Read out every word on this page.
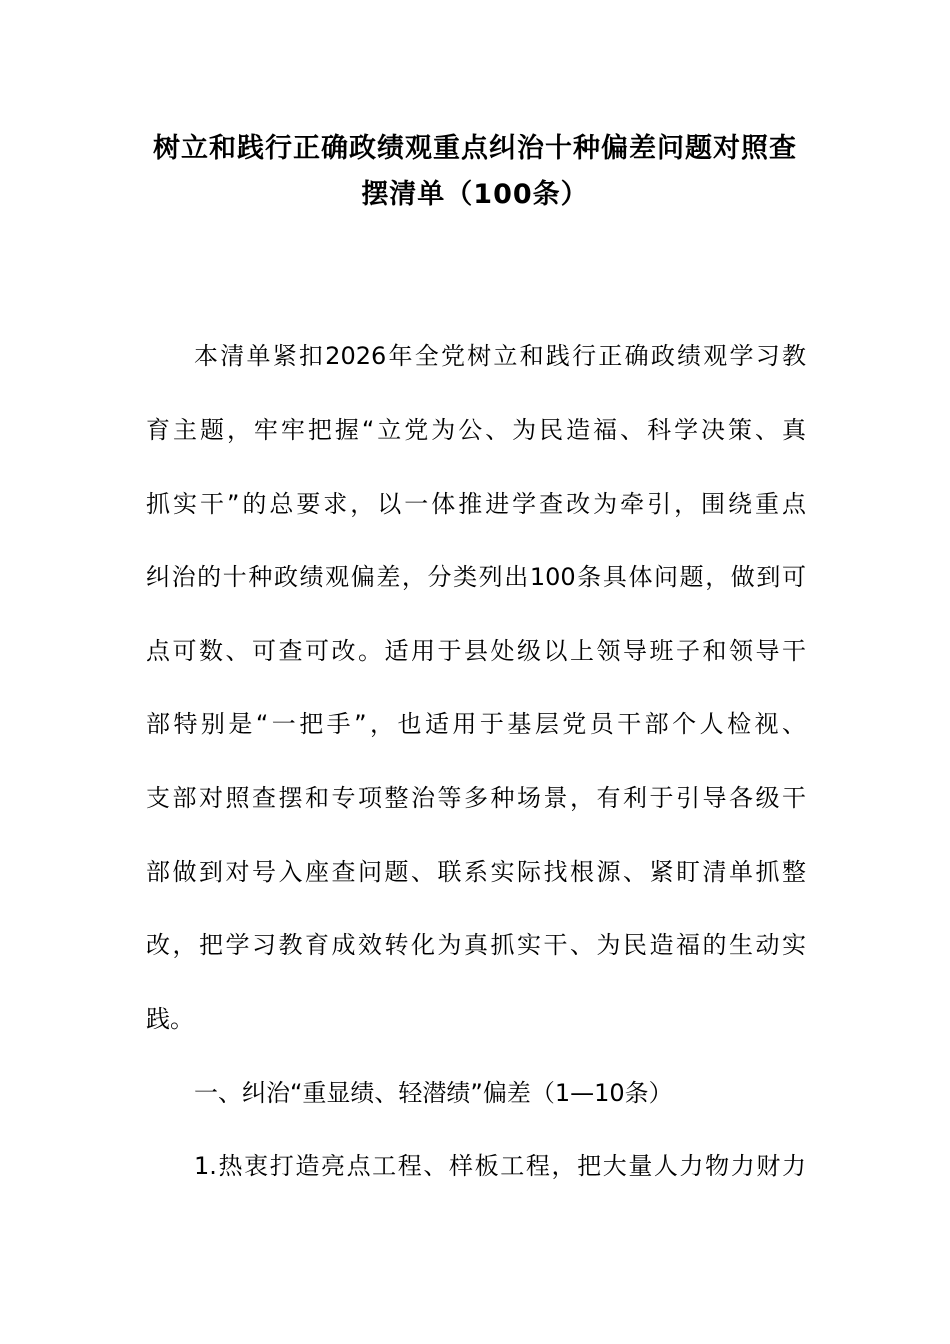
树立和践行正确政绩观重点纠治十种偏差问题对照查
摆清单（100条）
本清单紧扣2026年全党树立和践行正确政绩观学习教
育主题，牢牢把握“立党为公、为民造福、科学决策、真
抓实干”的总要求，以一体推进学查改为牵引，围绕重点
纠治的十种政绩观偏差，分类列出100条具体问题，做到可
点可数、可查可改。适用于县处级以上领导班子和领导干
部特别是“一把手”，也适用于基层党员干部个人检视、
支部对照查摆和专项整治等多种场景，有利于引导各级干
部做到对号入座查问题、联系实际找根源、紧盯清单抓整
改，把学习教育成效转化为真抓实干、为民造福的生动实
践。
一、纠治“重显绩、轻潜绩”偏差（1—10条）
1.热衷打造亮点工程、样板工程，把大量人力物力财力
